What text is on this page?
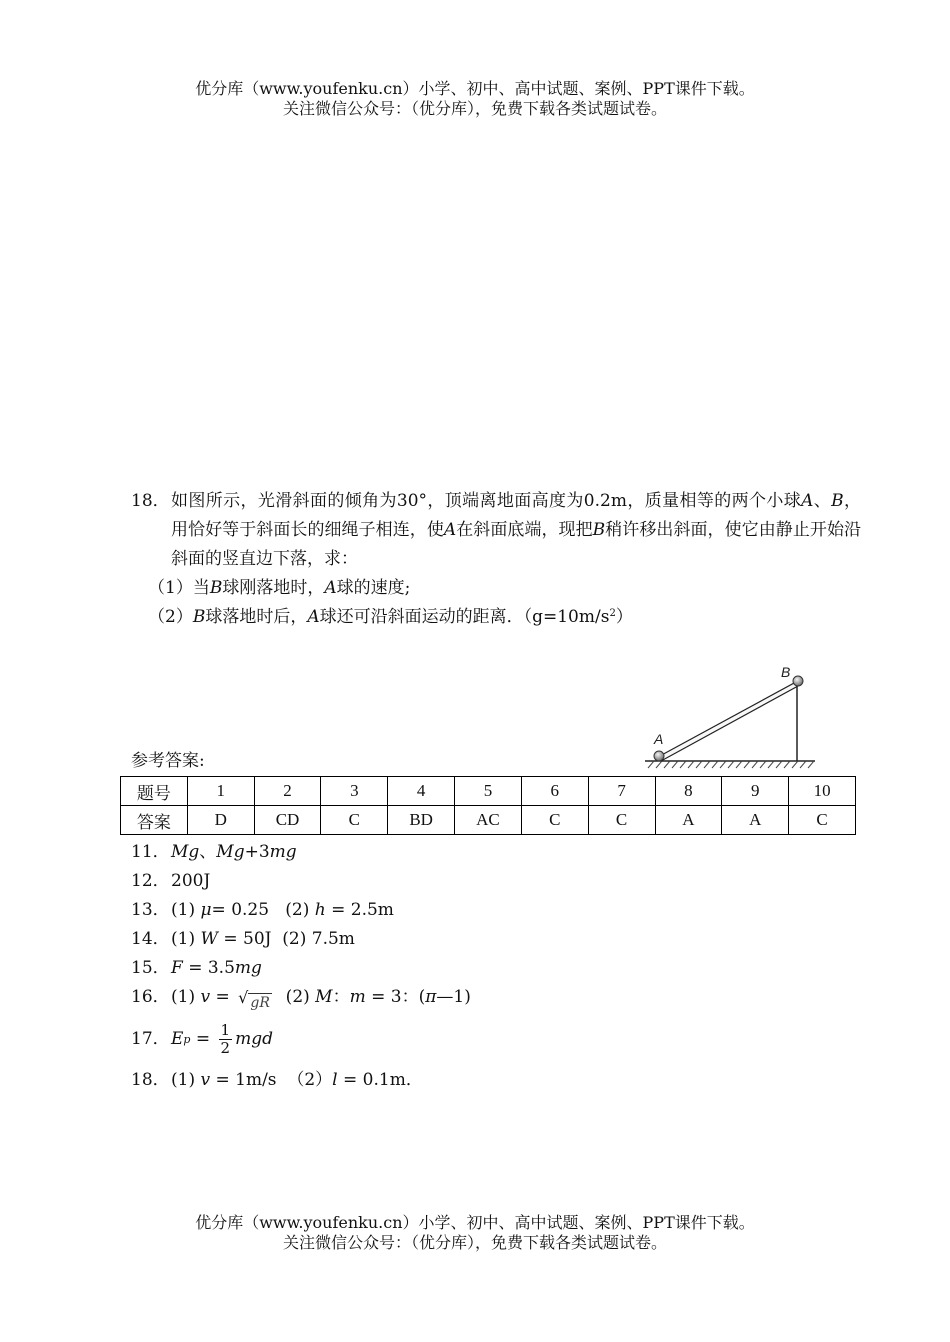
优分库（www.youfenku.cn）小学、初中、高中试题、案例、PPT课件下载。
关注微信公众号：（优分库），免费下载各类试题试卷。
18． 如图所示，光滑斜面的倾角为30°，顶端离地面高度为0.2m，质量相等的两个小球A、B，用恰好等于斜面长的细绳子相连，使A在斜面底端，现把B稍许移出斜面，使它由静止开始沿斜面的竖直边下落，求：
（1）当B球刚落地时，A球的速度;
（2）B球落地时后，A球还可沿斜面运动的距离．$(g=10m/s^2)$
A
B
参考答案:
题号	1	2	3	4	5	6	7	8	9	10
答案	D	CD	C	BD	AC	C	C	A	A	C
11． Mg 、 Mg +3 mg
12． 200J
13． (1) μ = 0.25   (2) h = 2.5m
14． (1) W = 50J  (2) 7.5m
15． F = 3.5 mg
16． (1) v = √ gR (2) M ： m = 3：( π —1)
17． E $p = \frac{1}{2}$ mgd
18． (1) v = 1m/s  （2） l = 0.1m．
优分库（www.youfenku.cn）小学、初中、高中试题、案例、PPT课件下载。
关注微信公众号：（优分库），免费下载各类试题试卷。
